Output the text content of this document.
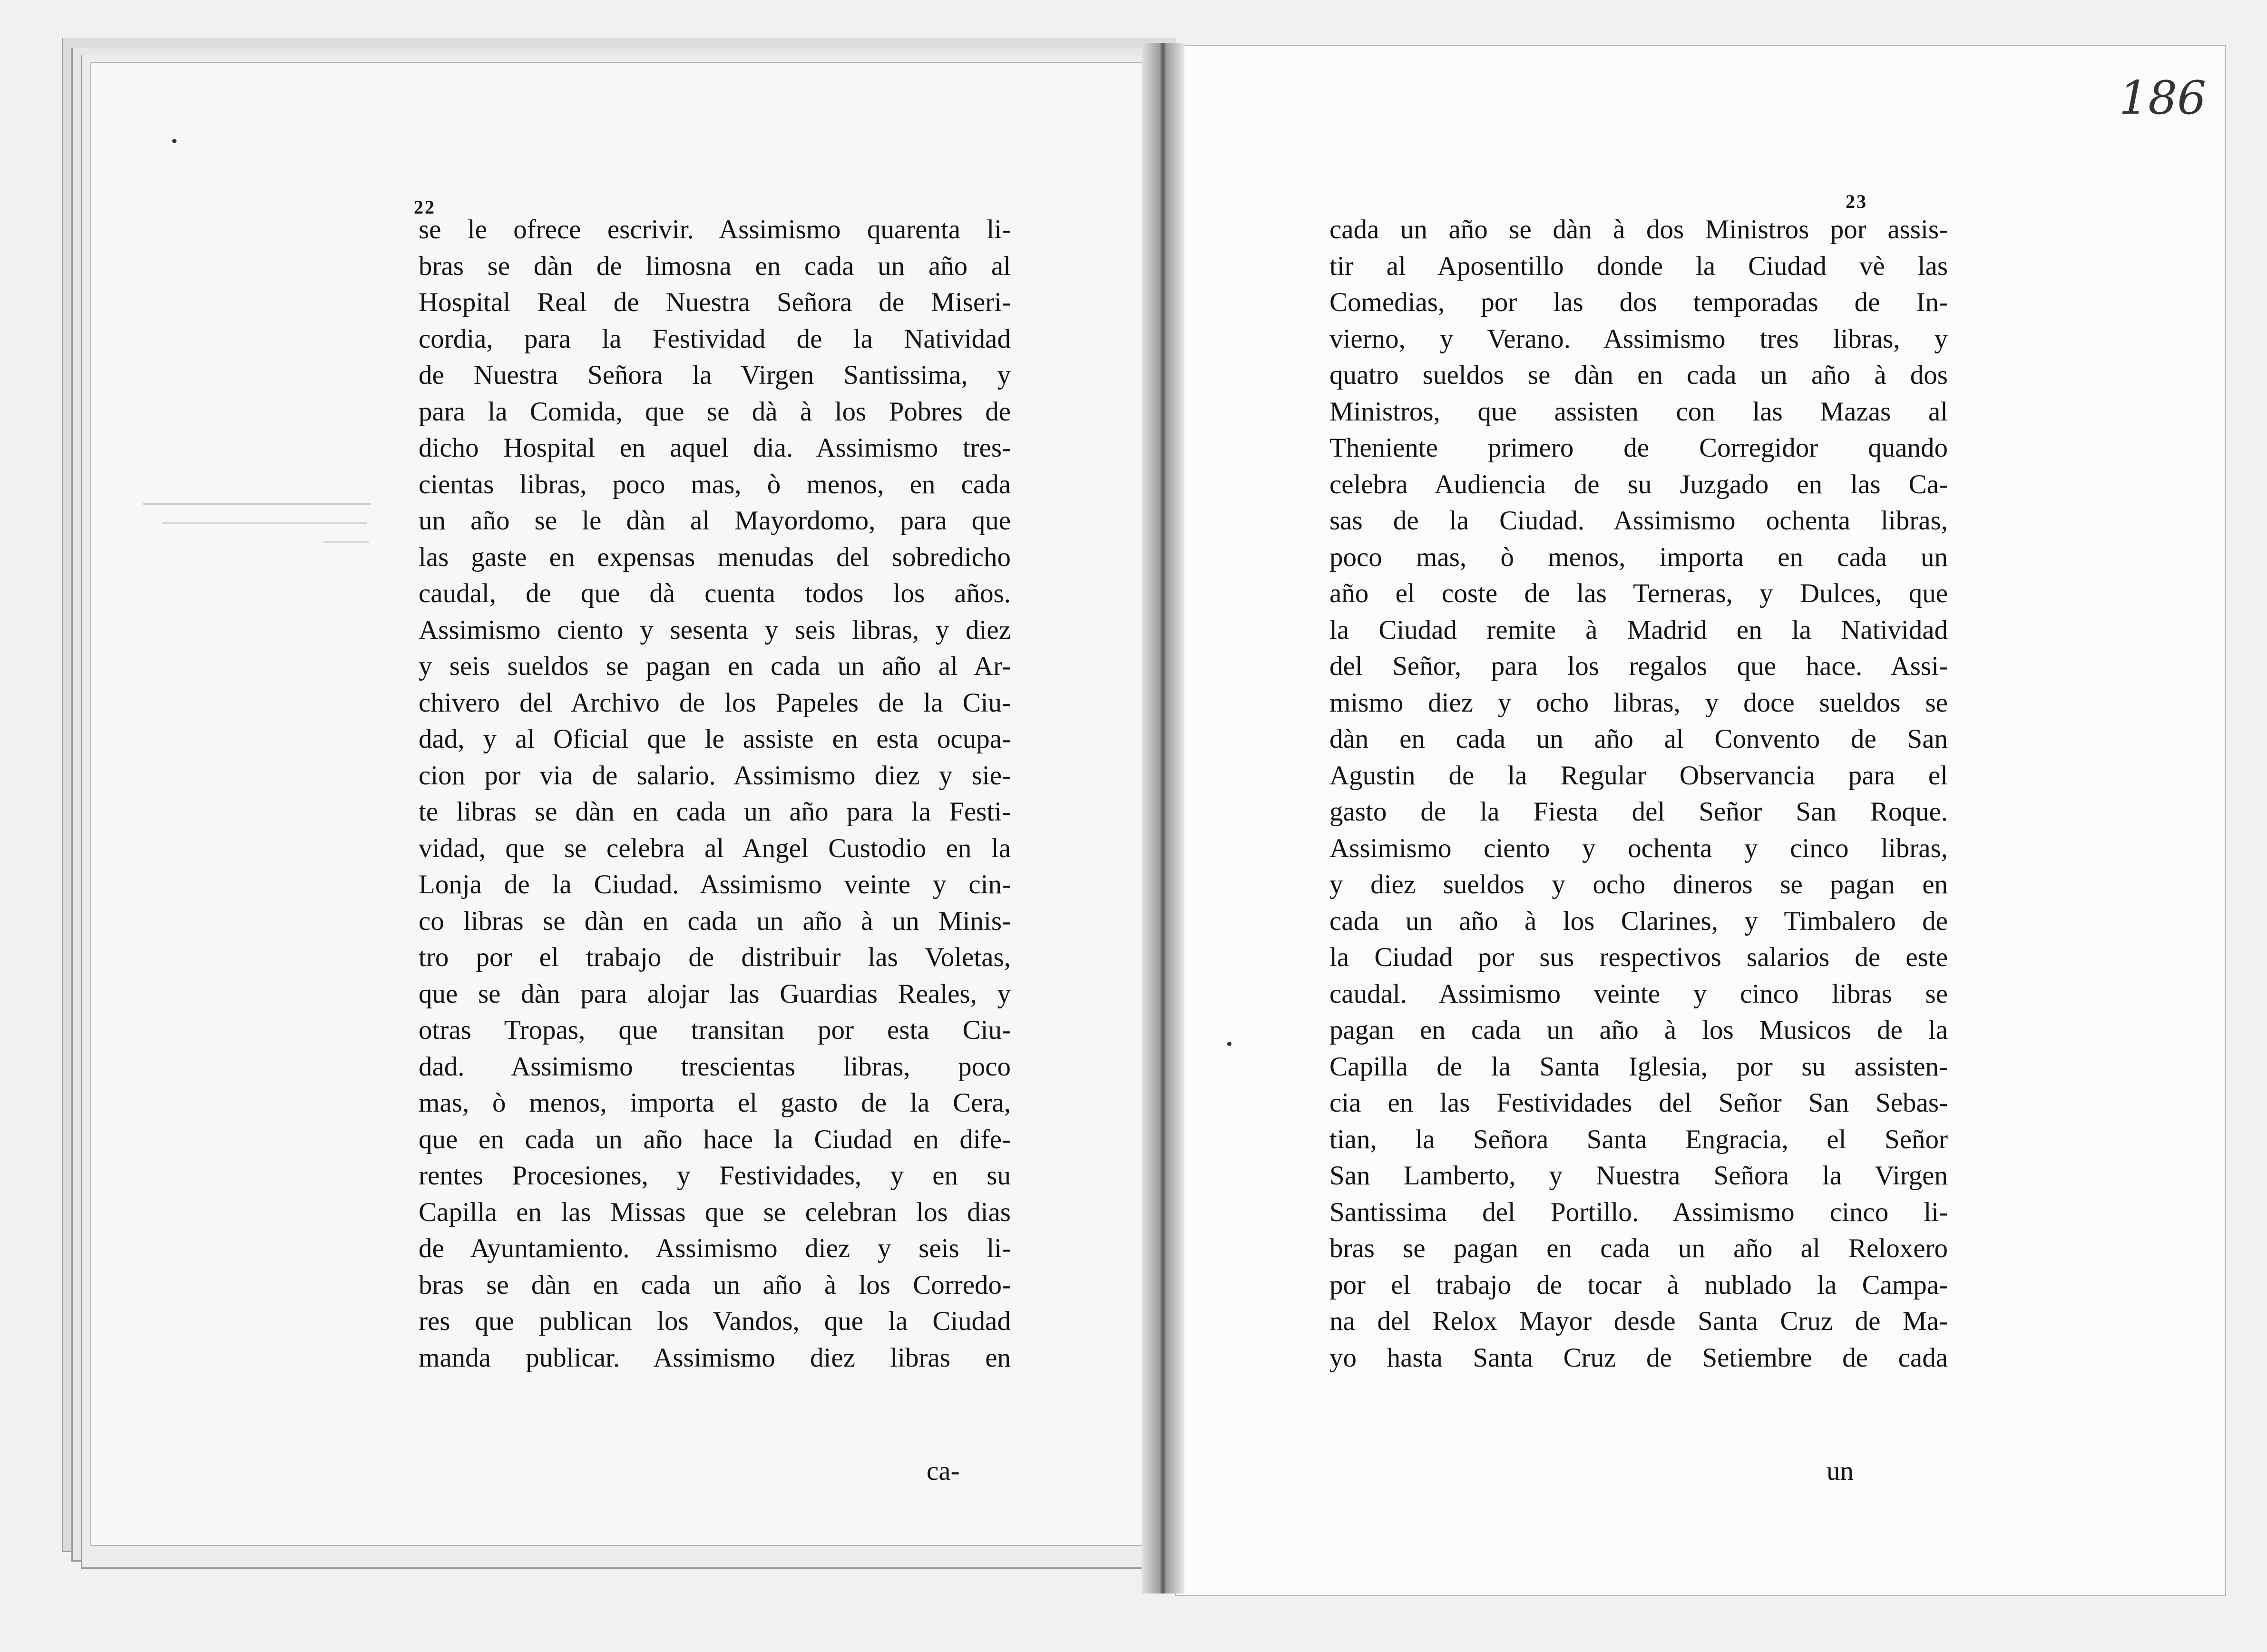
186
22	23
se le ofrece escrivir. Assimismo quarenta li-
bras se dàn de limosna en cada un año al
Hospital Real de Nuestra Señora de Miseri-
cordia, para la Festividad de la Natividad
de Nuestra Señora la Virgen Santissima, y
para la Comida, que se dà à los Pobres de
dicho Hospital en aquel dia. Assimismo tres-
cientas libras, poco mas, ò menos, en cada
un año se le dàn al Mayordomo, para que
las gaste en expensas menudas del sobredicho
caudal, de que dà cuenta todos los años.
Assimismo ciento y sesenta y seis libras, y diez
y seis sueldos se pagan en cada un año al Ar-
chivero del Archivo de los Papeles de la Ciu-
dad, y al Oficial que le assiste en esta ocupa-
cion por via de salario. Assimismo diez y sie-
te libras se dàn en cada un año para la Festi-
vidad, que se celebra al Angel Custodio en la
Lonja de la Ciudad. Assimismo veinte y cin-
co libras se dàn en cada un año à un Minis-
tro por el trabajo de distribuir las Voletas,
que se dàn para alojar las Guardias Reales, y
otras Tropas, que transitan por esta Ciu-
dad. Assimismo trescientas libras, poco
mas, ò menos, importa el gasto de la Cera,
que en cada un año hace la Ciudad en dife-
rentes Procesiones, y Festividades, y en su
Capilla en las Missas que se celebran los dias
de Ayuntamiento. Assimismo diez y seis li-
bras se dàn en cada un año à los Corredo-
res que publican los Vandos, que la Ciudad
manda publicar. Assimismo diez libras en
cada un año se dàn à dos Ministros por assis-
tir al Aposentillo donde la Ciudad vè las
Comedias, por las dos temporadas de In-
vierno, y Verano. Assimismo tres libras, y
quatro sueldos se dàn en cada un año à dos
Ministros, que assisten con las Mazas al
Theniente primero de Corregidor quando
celebra Audiencia de su Juzgado en las Ca-
sas de la Ciudad. Assimismo ochenta libras,
poco mas, ò menos, importa en cada un
año el coste de las Terneras, y Dulces, que
la Ciudad remite à Madrid en la Natividad
del Señor, para los regalos que hace. Assi-
mismo diez y ocho libras, y doce sueldos se
dàn en cada un año al Convento de San
Agustin de la Regular Observancia para el
gasto de la Fiesta del Señor San Roque.
Assimismo ciento y ochenta y cinco libras,
y diez sueldos y ocho dineros se pagan en
cada un año à los Clarines, y Timbalero de
la Ciudad por sus respectivos salarios de este
caudal. Assimismo veinte y cinco libras se
pagan en cada un año à los Musicos de la
Capilla de la Santa Iglesia, por su assisten-
cia en las Festividades del Señor San Sebas-
tian, la Señora Santa Engracia, el Señor
San Lamberto, y Nuestra Señora la Virgen
Santissima del Portillo. Assimismo cinco li-
bras se pagan en cada un año al Reloxero
por el trabajo de tocar à nublado la Campa-
na del Relox Mayor desde Santa Cruz de Ma-
yo hasta Santa Cruz de Setiembre de cada
ca-	un
